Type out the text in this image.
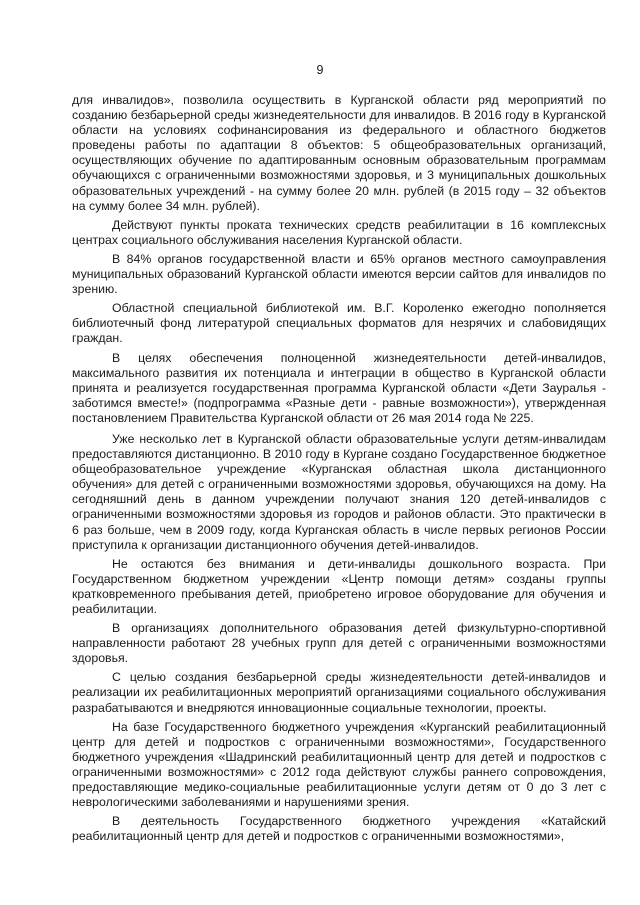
9

для инвалидов», позволила осуществить в Курганской области ряд мероприятий по созданию безбарьерной среды жизнедеятельности для инвалидов. В 2016 году в Курганской области на условиях софинансирования из федерального и областного бюджетов проведены работы по адаптации 8 объектов: 5 общеобразовательных организаций, осуществляющих обучение по адаптированным основным образовательным программам обучающихся с ограниченными возможностями здоровья, и 3 муниципальных дошкольных образовательных учреждений - на сумму более 20 млн. рублей (в 2015 году – 32 объектов на сумму более 34 млн. рублей).

Действуют пункты проката технических средств реабилитации в 16 комплексных центрах социального обслуживания населения Курганской области.

В 84% органов государственной власти и 65% органов местного самоуправления муниципальных образований Курганской области имеются версии сайтов для инвалидов по зрению.

Областной специальной библиотекой им. В.Г. Короленко ежегодно пополняется библиотечный фонд литературой специальных форматов для незрячих и слабовидящих граждан.

В целях обеспечения полноценной жизнедеятельности детей-инвалидов, максимального развития их потенциала и интеграции в общество в Курганской области принята и реализуется государственная программа Курганской области «Дети Зауралья - заботимся вместе!» (подпрограмма «Разные дети - равные возможности»), утвержденная постановлением Правительства Курганской области от 26 мая 2014 года № 225.

Уже несколько лет в Курганской области образовательные услуги детям-инвалидам предоставляются дистанционно. В 2010 году в Кургане создано Государственное бюджетное общеобразовательное учреждение «Курганская областная школа дистанционного обучения» для детей с ограниченными возможностями здоровья, обучающихся на дому. На сегодняшний день в данном учреждении получают знания 120 детей-инвалидов с ограниченными возможностями здоровья из городов и районов области. Это практически в 6 раз больше, чем в 2009 году, когда Курганская область в числе первых регионов России приступила к организации дистанционного обучения детей-инвалидов.

Не остаются без внимания и дети-инвалиды дошкольного возраста. При Государственном бюджетном учреждении «Центр помощи детям» созданы группы кратковременного пребывания детей, приобретено игровое оборудование для обучения и реабилитации.

В организациях дополнительного образования детей физкультурно-спортивной направленности работают 28 учебных групп для детей с ограниченными возможностями здоровья.

С целью создания безбарьерной среды жизнедеятельности детей-инвалидов и реализации их реабилитационных мероприятий организациями социального обслуживания разрабатываются и внедряются инновационные социальные технологии, проекты.

На базе Государственного бюджетного учреждения «Курганский реабилитационный центр для детей и подростков с ограниченными возможностями», Государственного бюджетного учреждения «Шадринский реабилитационный центр для детей и подростков с ограниченными возможностями» с 2012 года действуют службы раннего сопровождения, предоставляющие медико-социальные реабилитационные услуги детям от 0 до 3 лет с неврологическими заболеваниями и нарушениями зрения.

В деятельность Государственного бюджетного учреждения «Катайский реабилитационный центр для детей и подростков с ограниченными возможностями»,
